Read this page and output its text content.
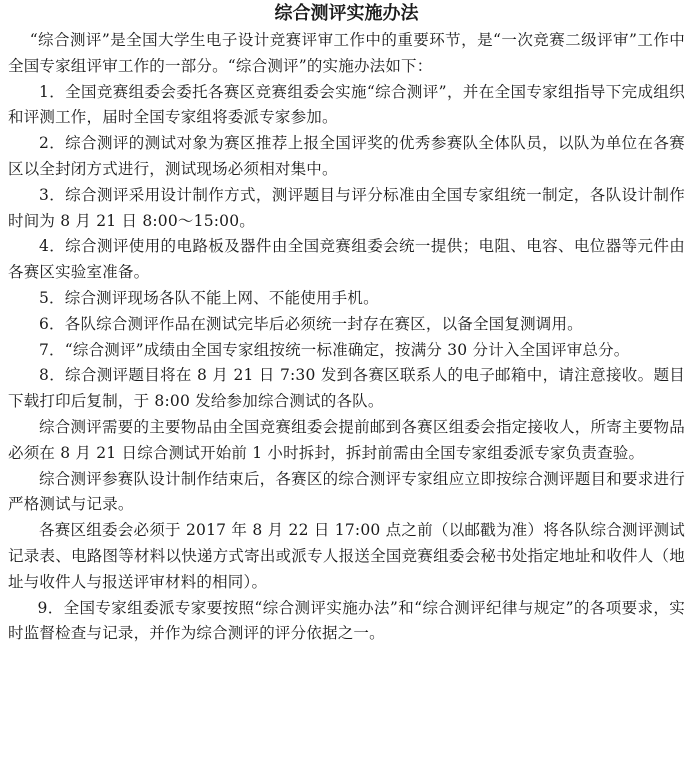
综合测评实施办法

“综合测评”是全国大学生电子设计竞赛评审工作中的重要环节，是“一次竞赛二级评审”工作中全国专家组评审工作的一部分。“综合测评”的实施办法如下：

1．全国竞赛组委会委托各赛区竞赛组委会实施“综合测评”，并在全国专家组指导下完成组织和评测工作，届时全国专家组将委派专家参加。

2．综合测评的测试对象为赛区推荐上报全国评奖的优秀参赛队全体队员，以队为单位在各赛区以全封闭方式进行，测试现场必须相对集中。

3．综合测评采用设计制作方式，测评题目与评分标准由全国专家组统一制定，各队设计制作时间为 8 月 21 日 8:00～15:00。

4．综合测评使用的电路板及器件由全国竞赛组委会统一提供；电阻、电容、电位器等元件由各赛区实验室准备。

5．综合测评现场各队不能上网、不能使用手机。

6．各队综合测评作品在测试完毕后必须统一封存在赛区，以备全国复测调用。

7．“综合测评”成绩由全国专家组按统一标准确定，按满分 30 分计入全国评审总分。

8．综合测评题目将在 8 月 21 日 7:30 发到各赛区联系人的电子邮箱中，请注意接收。题目下载打印后复制，于 8:00 发给参加综合测试的各队。

综合测评需要的主要物品由全国竞赛组委会提前邮到各赛区组委会指定接收人，所寄主要物品必须在 8 月 21 日综合测试开始前 1 小时拆封，拆封前需由全国专家组委派专家负责查验。

综合测评参赛队设计制作结束后，各赛区的综合测评专家组应立即按综合测评题目和要求进行严格测试与记录。

各赛区组委会必须于 2017 年 8 月 22 日 17:00 点之前（以邮戳为准）将各队综合测评测试记录表、电路图等材料以快递方式寄出或派专人报送全国竞赛组委会秘书处指定地址和收件人（地址与收件人与报送评审材料的相同）。

9．全国专家组委派专家要按照“综合测评实施办法”和“综合测评纪律与规定”的各项要求，实时监督检查与记录，并作为综合测评的评分依据之一。
